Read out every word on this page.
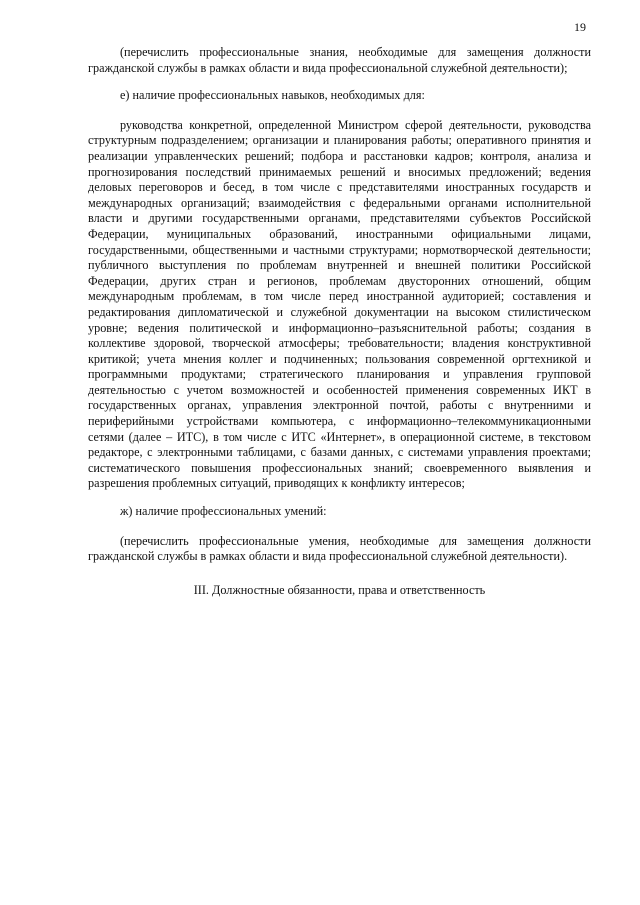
19

(перечислить профессиональные знания, необходимые для замещения должности гражданской службы в рамках области и вида профессиональной служебной деятельности);

е) наличие профессиональных навыков, необходимых для:

руководства конкретной, определенной Министром сферой деятельности, руководства структурным подразделением; организации и планирования работы; оперативного принятия и реализации управленческих решений; подбора и расстановки кадров; контроля, анализа и прогнозирования последствий принимаемых решений и вносимых предложений; ведения деловых переговоров и бесед, в том числе с представителями иностранных государств и международных организаций; взаимодействия с федеральными органами исполнительной власти и другими государственными органами, представителями субъектов Российской Федерации, муниципальных образований, иностранными официальными лицами, государственными, общественными и частными структурами; нормотворческой деятельности; публичного выступления по проблемам внутренней и внешней политики Российской Федерации, других стран и регионов, проблемам двусторонних отношений, общим международным проблемам, в том числе перед иностранной аудиторией; составления и редактирования дипломатической и служебной документации на высоком стилистическом уровне; ведения политической и информационно–разъяснительной работы; создания в коллективе здоровой, творческой атмосферы; требовательности; владения конструктивной критикой; учета мнения коллег и подчиненных; пользования современной оргтехникой и программными продуктами; стратегического планирования и управления групповой деятельностью с учетом возможностей и особенностей применения современных ИКТ в государственных органах, управления электронной почтой, работы с внутренними и периферийными устройствами компьютера, с информационно–телекоммуникационными сетями (далее – ИТС), в том числе с ИТС «Интернет», в операционной системе, в текстовом редакторе, с электронными таблицами, с базами данных, с системами управления проектами; систематического повышения профессиональных знаний; своевременного выявления и разрешения проблемных ситуаций, приводящих к конфликту интересов;

ж) наличие профессиональных умений:

(перечислить профессиональные умения, необходимые для замещения должности гражданской службы в рамках области и вида профессиональной служебной деятельности).

III. Должностные обязанности, права и ответственность
